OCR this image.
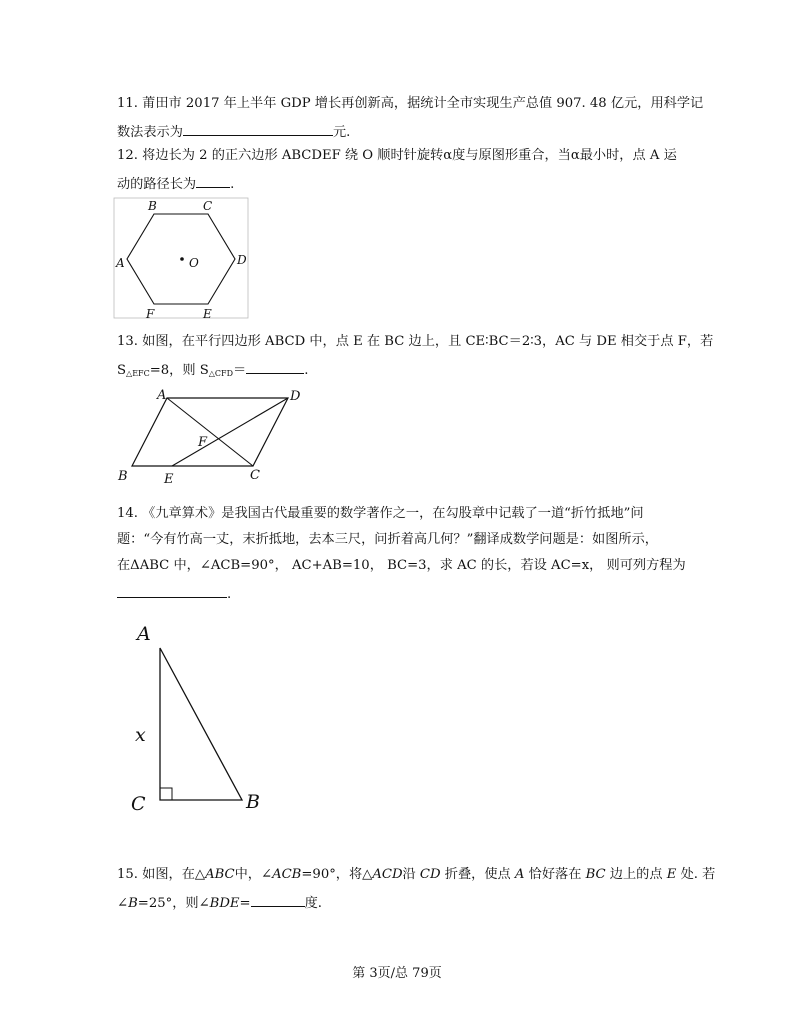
11. 莆田市 2017 年上半年 GDP 增长再创新高，据统计全市实现生产总值 907. 48 亿元，用科学记
数法表示为	元.
12. 将边长为 2 的正六边形 ABCDEF 绕 O 顺时针旋转α度与原图形重合，当α最小时，点 A 运
动的路径长为	.
B	C
A	D
O
F	E
13. 如图，在平行四边形 ABCD 中，点 E 在 BC 边上，且 CE∶BC＝2∶3，AC 与 DE 相交于点 F，若
$S_{\triangle EFC}=8$，则 $S_{\triangle CFD}=$	.
A	D
F
B	E	C
14. 《九章算术》是我国古代最重要的数学著作之一，在勾股章中记载了一道“折竹抵地”问
题：“今有竹高一丈，末折抵地，去本三尺，问折着高几何？”翻译成数学问题是：如图所示，
在ΔABC 中，∠ACB=90°， AC+AB=10， BC=3，求 AC 的长，若设 AC=x， 则可列方程为
.
A
x
C	B
15. 如图，在△ABC中，∠ACB=90°，将△ACD沿 CD 折叠，使点 A 恰好落在 BC 边上的点 E 处. 若
∠B=25°，则∠BDE=	度.
第 3页/总 79页
